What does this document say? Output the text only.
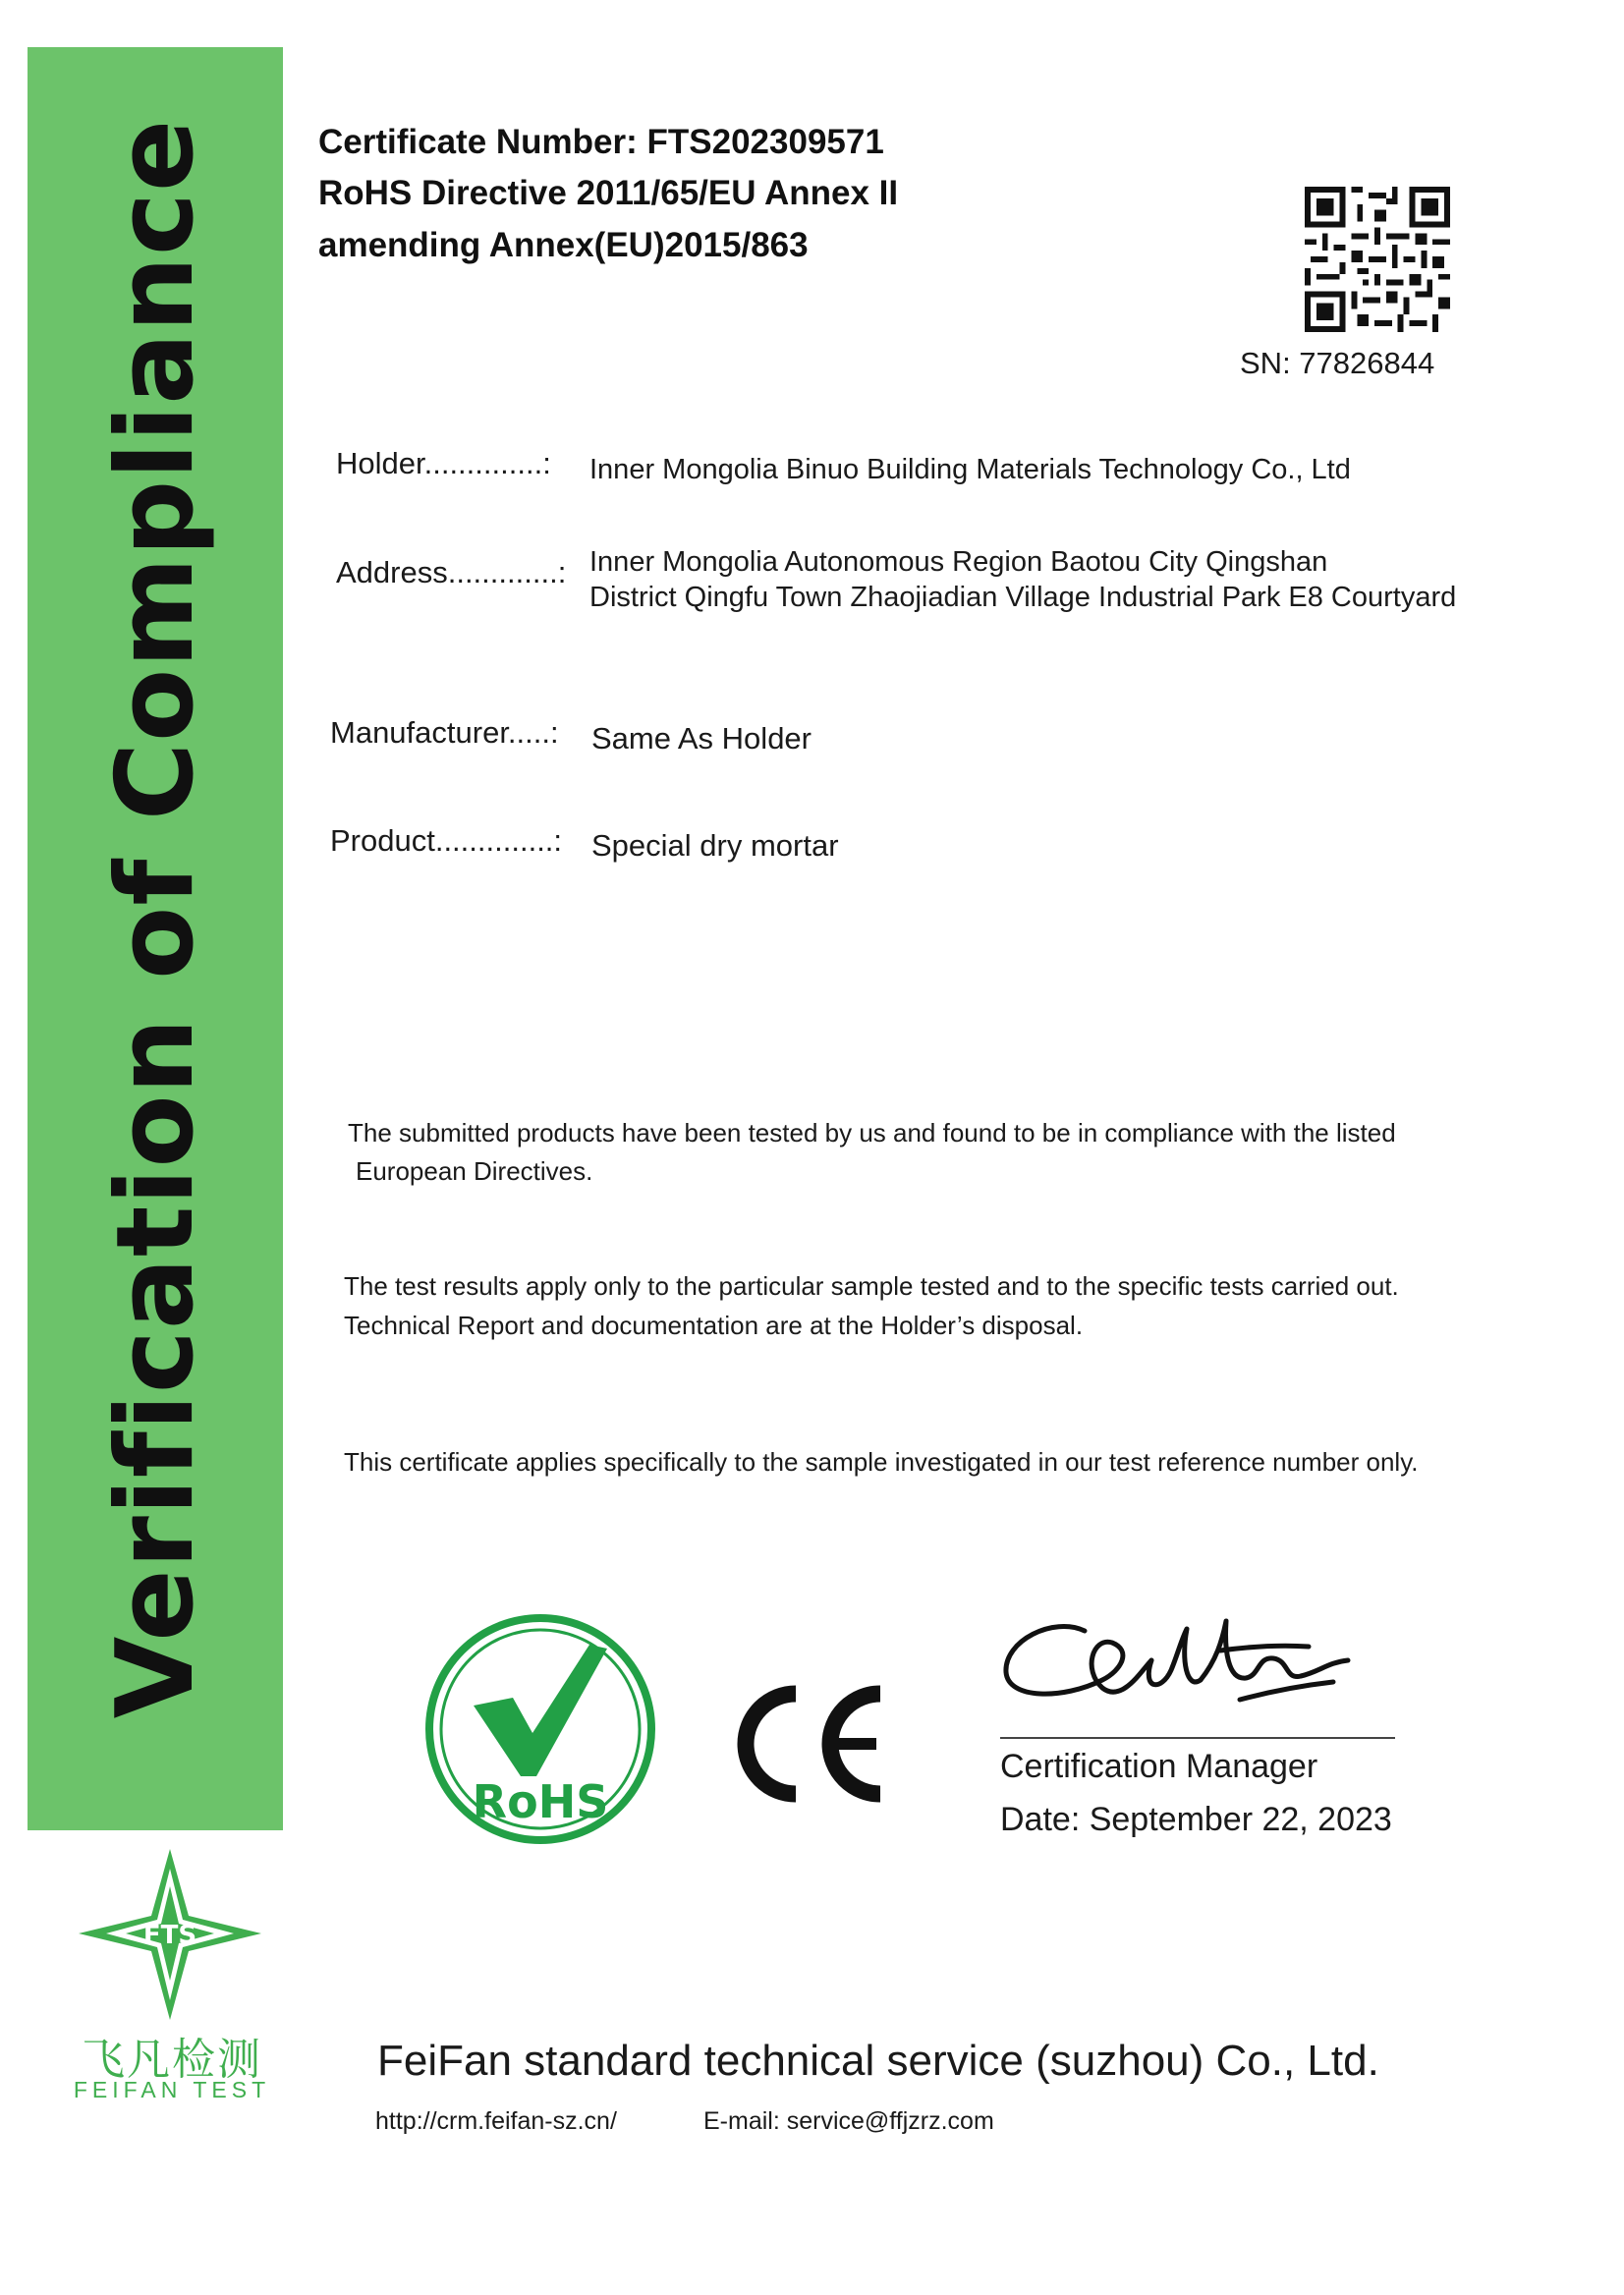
Verification of Compliance	Certificate Number: FTS202309571
RoHS Directive 2011/65/EU Annex II
amending Annex(EU)2015/863
SN: 77826844
Holder..............: Inner Mongolia Binuo Building Materials Technology Co., Ltd
Address.............: Inner Mongolia Autonomous Region Baotou City Qingshan
District Qingfu Town Zhaojiadian Village Industrial Park E8 Courtyard
Manufacturer.....: Same As Holder
Product..............: Special dry mortar
The submitted products have been tested by us and found to be in compliance with the listed
European Directives.
The test results apply only to the particular sample tested and to the specific tests carried out.
Technical Report and documentation are at the Holder’s disposal.
This certificate applies specifically to the sample investigated in our test reference number only.
RoHS
Certification Manager
Date: September 22, 2023
FTS
飞凡检测
FEIFAN TEST
FeiFan standard technical service (suzhou) Co., Ltd.
http://crm.feifan-sz.cn/	E-mail: service@ffjzrz.com
